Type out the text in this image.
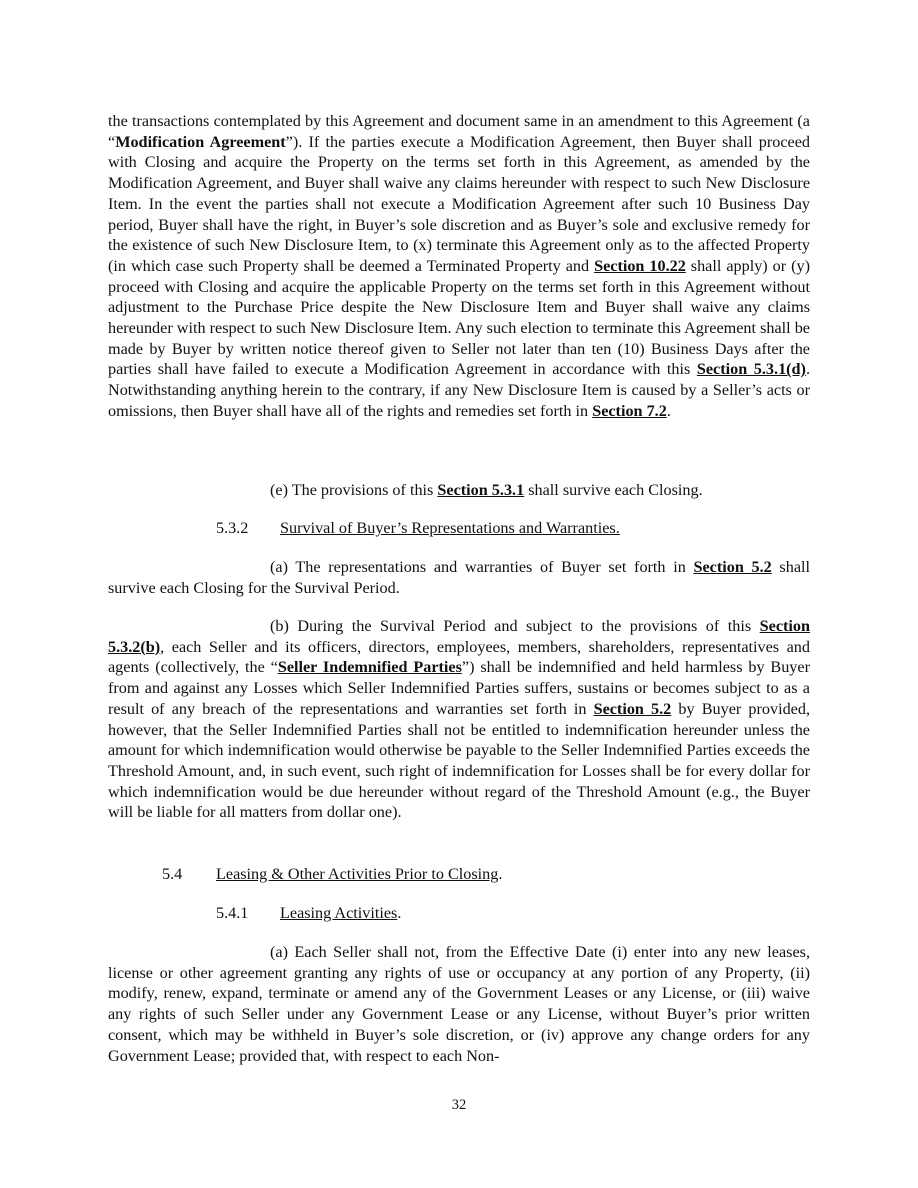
the transactions contemplated by this Agreement and document same in an amendment to this Agreement (a “Modification Agreement”). If the parties execute a Modification Agreement, then Buyer shall proceed with Closing and acquire the Property on the terms set forth in this Agreement, as amended by the Modification Agreement, and Buyer shall waive any claims hereunder with respect to such New Disclosure Item. In the event the parties shall not execute a Modification Agreement after such 10 Business Day period, Buyer shall have the right, in Buyer’s sole discretion and as Buyer’s sole and exclusive remedy for the existence of such New Disclosure Item, to (x) terminate this Agreement only as to the affected Property (in which case such Property shall be deemed a Terminated Property and Section 10.22 shall apply) or (y) proceed with Closing and acquire the applicable Property on the terms set forth in this Agreement without adjustment to the Purchase Price despite the New Disclosure Item and Buyer shall waive any claims hereunder with respect to such New Disclosure Item. Any such election to terminate this Agreement shall be made by Buyer by written notice thereof given to Seller not later than ten (10) Business Days after the parties shall have failed to execute a Modification Agreement in accordance with this Section 5.3.1(d). Notwithstanding anything herein to the contrary, if any New Disclosure Item is caused by a Seller’s acts or omissions, then Buyer shall have all of the rights and remedies set forth in Section 7.2.

(e) The provisions of this Section 5.3.1 shall survive each Closing.

5.3.2 Survival of Buyer’s Representations and Warranties.

(a) The representations and warranties of Buyer set forth in Section 5.2 shall survive each Closing for the Survival Period.

(b) During the Survival Period and subject to the provisions of this Section 5.3.2(b), each Seller and its officers, directors, employees, members, shareholders, representatives and agents (collectively, the “Seller Indemnified Parties”) shall be indemnified and held harmless by Buyer from and against any Losses which Seller Indemnified Parties suffers, sustains or becomes subject to as a result of any breach of the representations and warranties set forth in Section 5.2 by Buyer provided, however, that the Seller Indemnified Parties shall not be entitled to indemnification hereunder unless the amount for which indemnification would otherwise be payable to the Seller Indemnified Parties exceeds the Threshold Amount, and, in such event, such right of indemnification for Losses shall be for every dollar for which indemnification would be due hereunder without regard of the Threshold Amount (e.g., the Buyer will be liable for all matters from dollar one).

5.4 Leasing & Other Activities Prior to Closing.

5.4.1 Leasing Activities.

(a) Each Seller shall not, from the Effective Date (i) enter into any new leases, license or other agreement granting any rights of use or occupancy at any portion of any Property, (ii) modify, renew, expand, terminate or amend any of the Government Leases or any License, or (iii) waive any rights of such Seller under any Government Lease or any License, without Buyer’s prior written consent, which may be withheld in Buyer’s sole discretion, or (iv) approve any change orders for any Government Lease; provided that, with respect to each Non-

32
